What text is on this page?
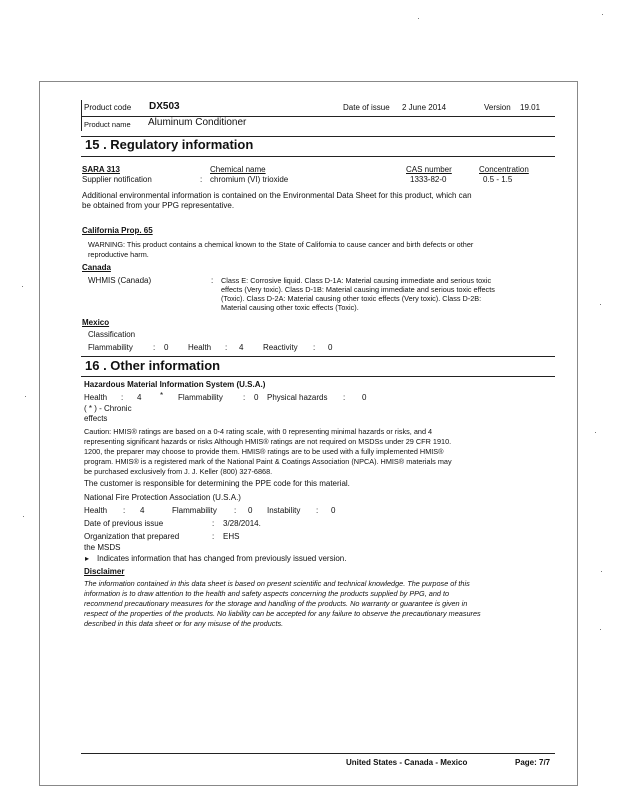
Product code DX503	Date of issue 2 June 2014	Version 19.01
Product name Aluminum Conditioner
15 . Regulatory information
SARA 313	Chemical name	CAS number	Concentration
Supplier notification	: chromium (VI) trioxide	1333-82-0	0.5 - 1.5
Additional environmental information is contained on the Environmental Data Sheet for this product, which can
be obtained from your PPG representative.
California Prop. 65
WARNING: This product contains a chemical known to the State of California to cause cancer and birth defects or other
reproductive harm.
Canada
WHMIS (Canada)	: Class E: Corrosive liquid. Class D-1A: Material causing immediate and serious toxic
effects (Very toxic). Class D-1B: Material causing immediate and serious toxic effects
(Toxic). Class D-2A: Material causing other toxic effects (Very toxic). Class D-2B:
Material causing other toxic effects (Toxic).
Mexico
Classification
Flammability	: 0 Health : 4 Reactivity : 0
16 . Other information
Hazardous Material Information System (U.S.A.)
Health : 4 * Flammability	: 0 Physical hazards : 0
( * ) - Chronic
effects
Caution: HMIS® ratings are based on a 0-4 rating scale, with 0 representing minimal hazards or risks, and 4
representing significant hazards or risks Although HMIS® ratings are not required on MSDSs under 29 CFR 1910.
1200, the preparer may choose to provide them. HMIS® ratings are to be used with a fully implemented HMIS®
program. HMIS® is a registered mark of the National Paint & Coatings Association (NPCA). HMIS® materials may
be purchased exclusively from J. J. Keller (800) 327-6868.
The customer is responsible for determining the PPE code for this material.
National Fire Protection Association (U.S.A.)
Health : 4	Flammability : 0 Instability : 0
Date of previous issue	: 3/28/2014.
Organization that prepared
the MSDS
: EHS
▸ Indicates information that has changed from previously issued version.
Disclaimer
The information contained in this data sheet is based on present scientific and technical knowledge. The purpose of this
information is to draw attention to the health and safety aspects concerning the products supplied by PPG, and to
recommend precautionary measures for the storage and handling of the products. No warranty or guarantee is given in
respect of the properties of the products. No liability can be accepted for any failure to observe the precautionary measures
described in this data sheet or for any misuse of the products.
United States - Canada - Mexico	Page: 7/7
